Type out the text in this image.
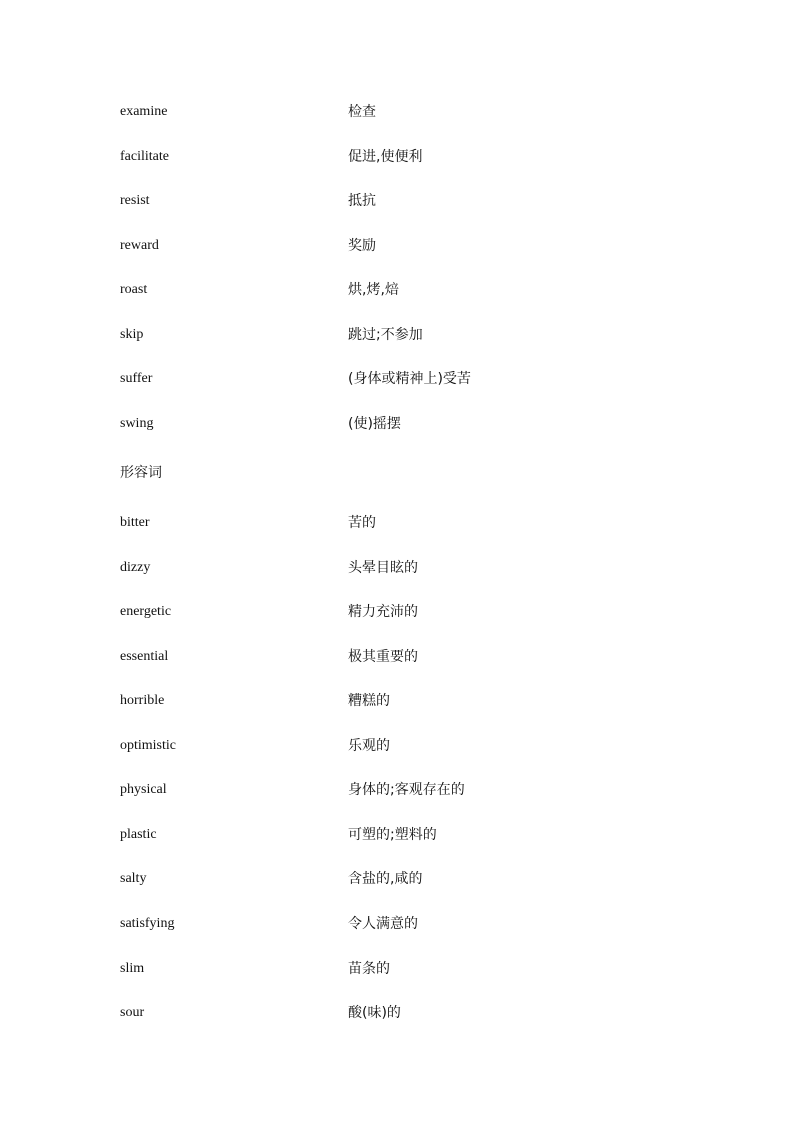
examine	检查
facilitate	促进,使便利
resist	抵抗
reward	奖励
roast	烘,烤,焙
skip	跳过;不参加
suffer	(身体或精神上)受苦
swing	(使)摇摆
形容词
bitter	苦的
dizzy	头晕目眩的
energetic	精力充沛的
essential	极其重要的
horrible	糟糕的
optimistic	乐观的
physical	身体的;客观存在的
plastic	可塑的;塑料的
salty	含盐的,咸的
satisfying	令人满意的
slim	苗条的
sour	酸(味)的
